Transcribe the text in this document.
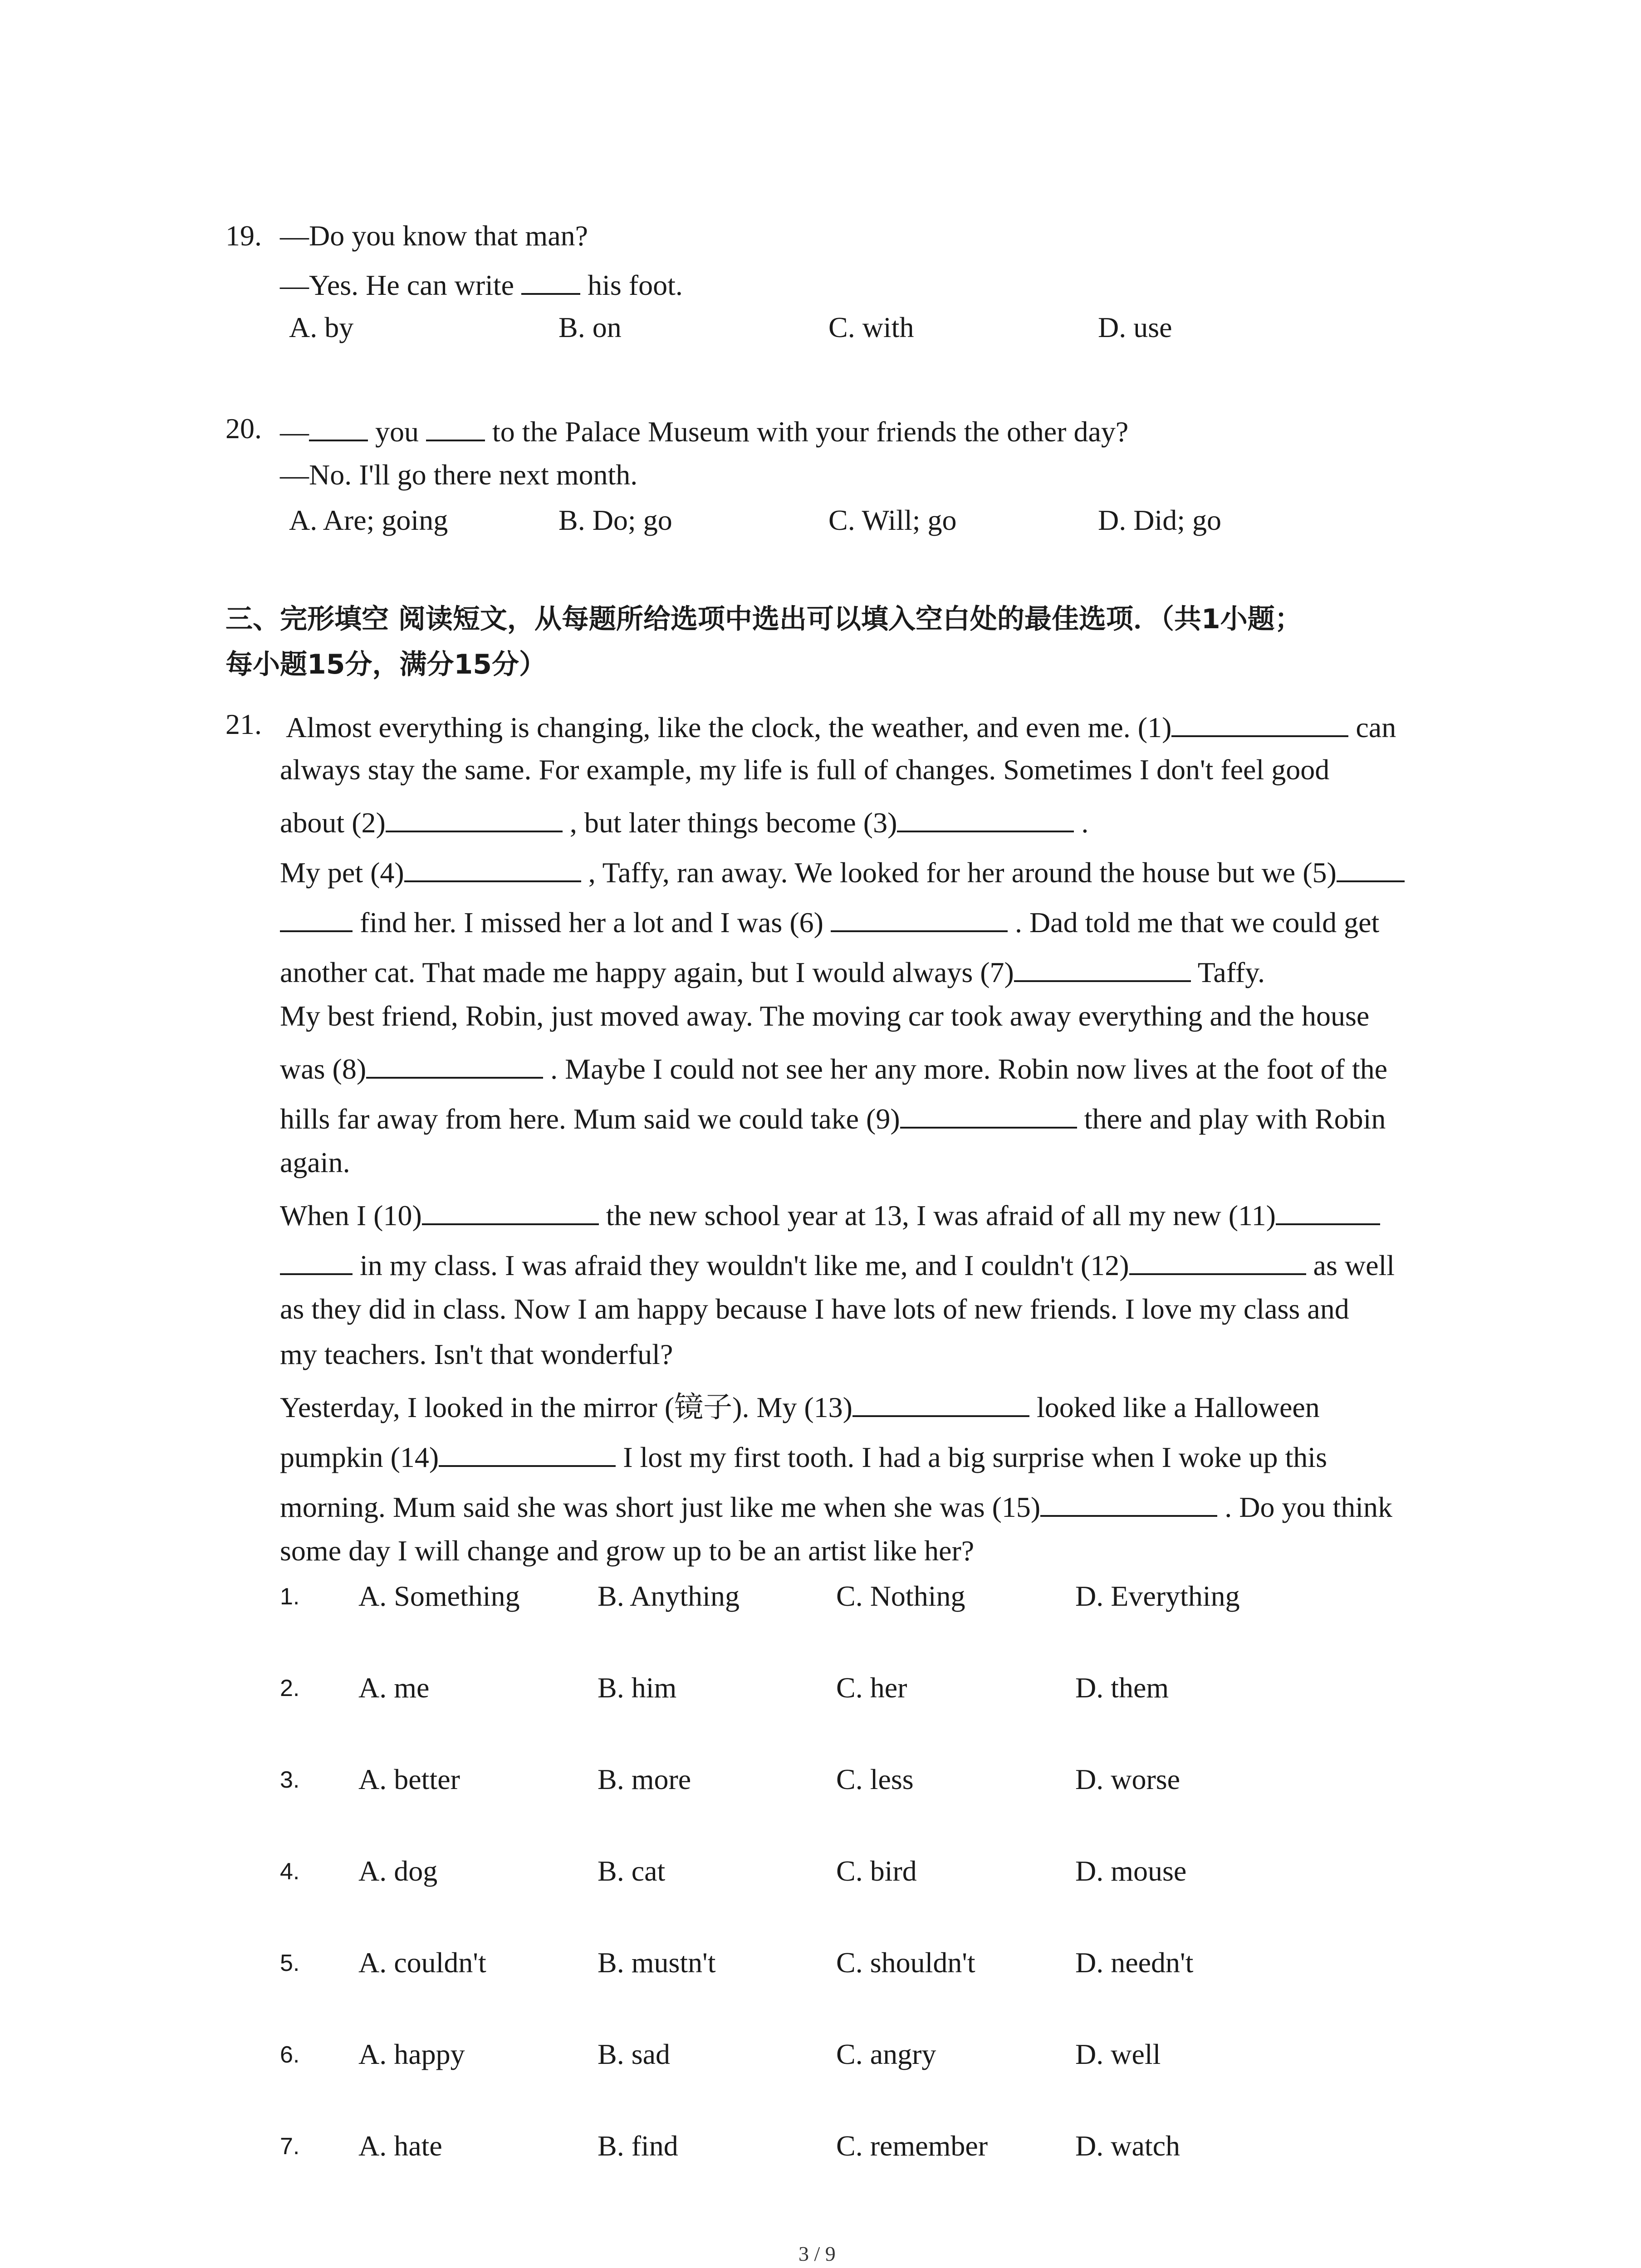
19. —Do you know that man?
—Yes. He can write  his foot.
A. by	B. on	C. with	D. use
20. — you  to the Palace Museum with your friends the other day?
—No. I'll go there next month.
A. Are; going	B. Do; go	C. Will; go	D. Did; go
三、完形填空 阅读短文，从每题所给选项中选出可以填入空白处的最佳选项．（共1小题；
每小题15分，满分15分）
21. Almost everything is changing, like the clock, the weather, and even me. (1)	can
always stay the same. For example, my life is full of changes. Sometimes I don't feel good
about (2)	, but later things become (3)	.
My pet (4)	, Taffy, ran away. We looked for her around the house but we (5)
find her. I missed her a lot and I was (6)	. Dad told me that we could get
another cat. That made me happy again, but I would always (7)	Taffy.
My best friend, Robin, just moved away. The moving car took away everything and the house
was (8)	. Maybe I could not see her any more. Robin now lives at the foot of the
hills far away from here. Mum said we could take (9)	there and play with Robin
again.
When I (10)	the new school year at 13, I was afraid of all my new (11)
in my class. I was afraid they wouldn't like me, and I couldn't (12)	as well
as they did in class. Now I am happy because I have lots of new friends. I love my class and
my teachers. Isn't that wonderful?
Yesterday, I looked in the mirror (镜子). My (13)	looked like a Halloween
pumpkin (14)	I lost my first tooth. I had a big surprise when I woke up this
morning. Mum said she was short just like me when she was (15)	. Do you think
some day I will change and grow up to be an artist like her?
1. A. Something	B. Anything	C. Nothing	D. Everything
2. A. me	B. him	C. her	D. them
3. A. better	B. more	C. less	D. worse
4. A. dog	B. cat	C. bird	D. mouse
5. A. couldn't	B. mustn't	C. shouldn't	D. needn't
6. A. happy	B. sad	C. angry	D. well
7. A. hate	B. find	C. remember	D. watch
3 / 9
